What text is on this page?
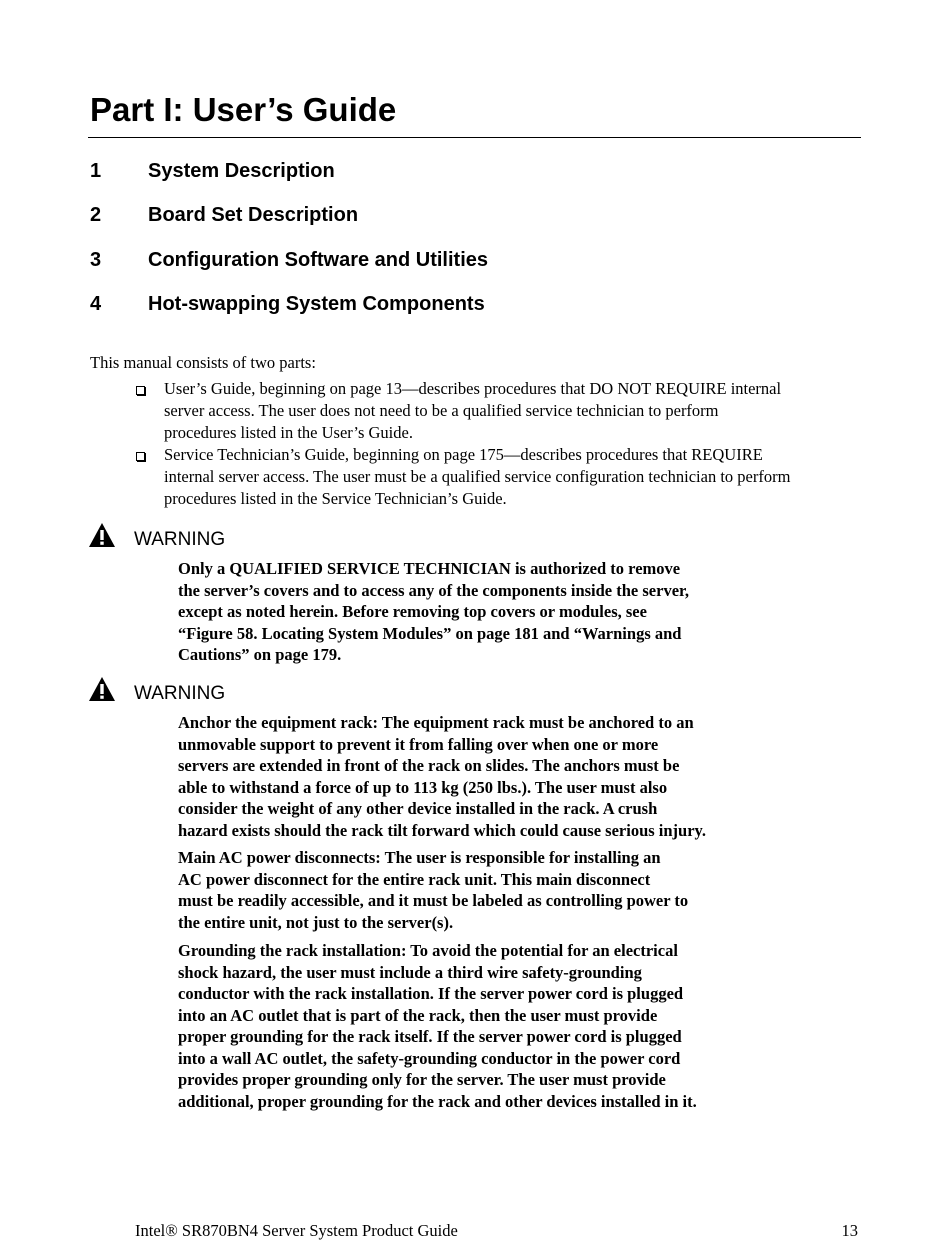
Part I: User’s Guide
1 System Description
2 Board Set Description
3 Configuration Software and Utilities
4 Hot-swapping System Components

This manual consists of two parts:

User’s Guide, beginning on page 13—describes procedures that DO NOT REQUIRE internal
server access. The user does not need to be a qualified service technician to perform
procedures listed in the User’s Guide.
Service Technician’s Guide, beginning on page 175—describes procedures that REQUIRE
internal server access. The user must be a qualified service configuration technician to perform
procedures listed in the Service Technician’s Guide.
WARNING

Only a QUALIFIED SERVICE TECHNICIAN is authorized to remove
the server’s covers and to access any of the components inside the server,
except as noted herein. Before removing top covers or modules, see
“Figure 58. Locating System Modules” on page 181 and “Warnings and
Cautions” on page 179.

WARNING

Anchor the equipment rack: The equipment rack must be anchored to an
unmovable support to prevent it from falling over when one or more
servers are extended in front of the rack on slides. The anchors must be
able to withstand a force of up to 113 kg (250 lbs.). The user must also
consider the weight of any other device installed in the rack. A crush
hazard exists should the rack tilt forward which could cause serious injury.

Main AC power disconnects: The user is responsible for installing an
AC power disconnect for the entire rack unit. This main disconnect
must be readily accessible, and it must be labeled as controlling power to
the entire unit, not just to the server(s).

Grounding the rack installation: To avoid the potential for an electrical
shock hazard, the user must include a third wire safety-grounding
conductor with the rack installation. If the server power cord is plugged
into an AC outlet that is part of the rack, then the user must provide
proper grounding for the rack itself. If the server power cord is plugged
into a wall AC outlet, the safety-grounding conductor in the power cord
provides proper grounding only for the server. The user must provide
additional, proper grounding for the rack and other devices installed in it.

Intel® SR870BN4 Server System Product Guide	13
